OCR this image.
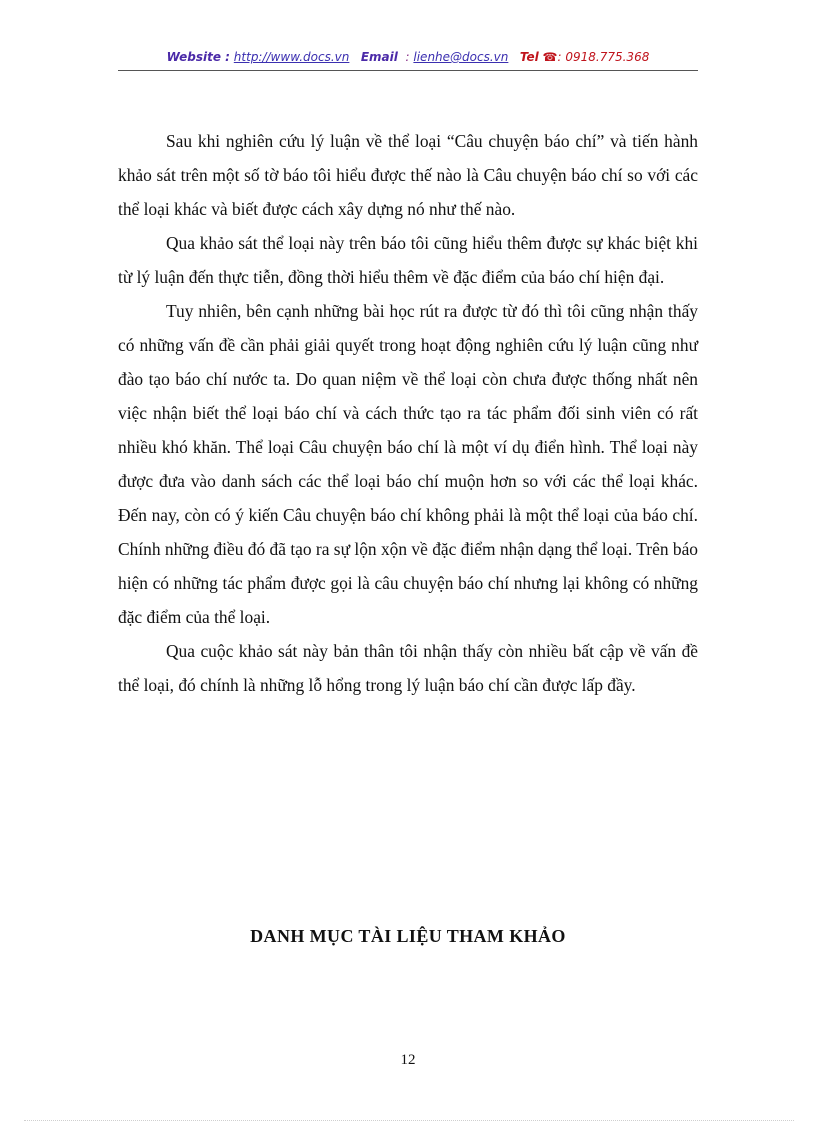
Website : http://www.docs.vn Email : lienhe@docs.vn Tel ☎: 0918.775.368

Sau khi nghiên cứu lý luận về thể loại “Câu chuyện báo chí” và tiến hành khảo sát trên một số tờ báo tôi hiểu được thế nào là Câu chuyện báo chí so với các thể loại khác và biết được cách xây dựng nó như thế nào.

Qua khảo sát thể loại này trên báo tôi cũng hiểu thêm được sự khác biệt khi từ lý luận đến thực tiễn, đồng thời hiểu thêm về đặc điểm của báo chí hiện đại.

Tuy nhiên, bên cạnh những bài học rút ra được từ đó thì tôi cũng nhận thấy có những vấn đề cần phải giải quyết trong hoạt động nghiên cứu lý luận cũng như đào tạo báo chí nước ta. Do quan niệm về thể loại còn chưa được thống nhất nên việc nhận biết thể loại báo chí và cách thức tạo ra tác phẩm đối sinh viên có rất nhiều khó khăn. Thể loại Câu chuyện báo chí là một ví dụ điển hình. Thể loại này được đưa vào danh sách các thể loại báo chí muộn hơn so với các thể loại khác. Đến nay, còn có ý kiến Câu chuyện báo chí không phải là một thể loại của báo chí. Chính những điều đó đã tạo ra sự lộn xộn về đặc điểm nhận dạng thể loại. Trên báo hiện có những tác phẩm được gọi là câu chuyện báo chí nhưng lại không có những đặc điểm của thể loại.

Qua cuộc khảo sát này bản thân tôi nhận thấy còn nhiều bất cập về vấn đề thể loại, đó chính là những lỗ hổng trong lý luận báo chí cần được lấp đầy.

DANH MỤC TÀI LIỆU THAM KHẢO
12
